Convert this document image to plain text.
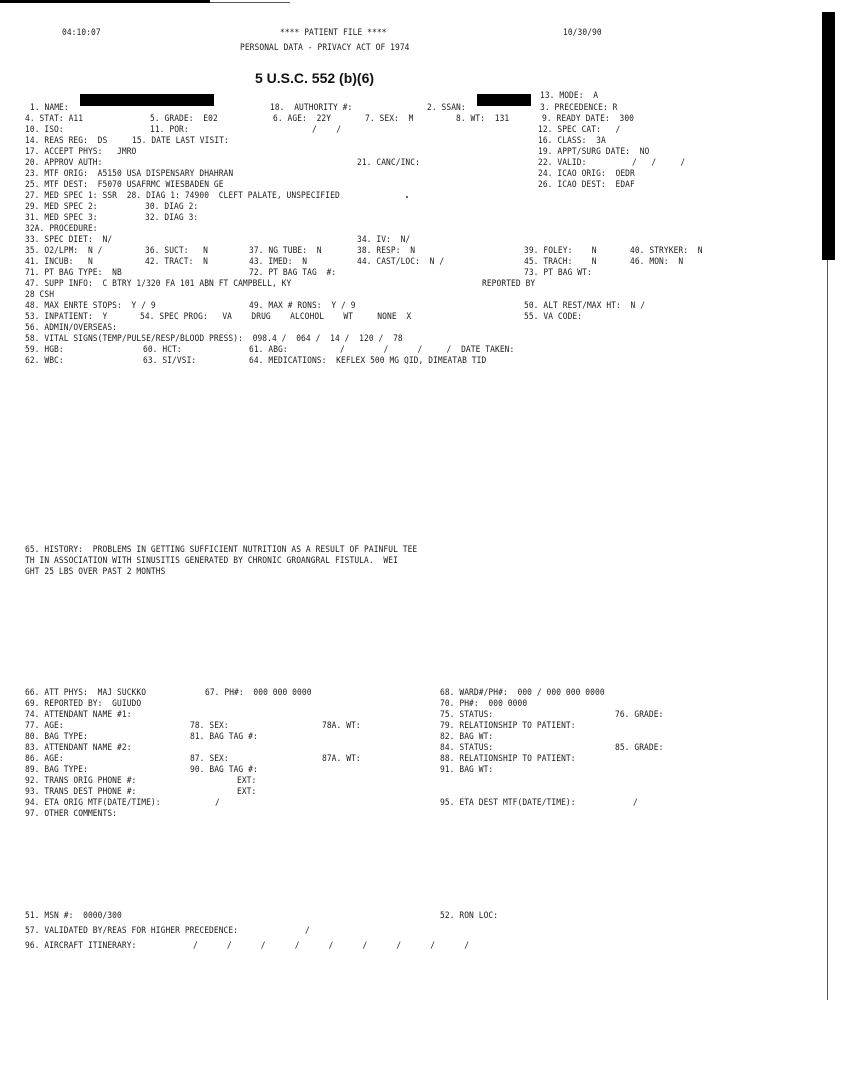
04:10:07	**** PATIENT FILE ****	10/30/90
PERSONAL DATA - PRIVACY ACT OF 1974
5 U.S.C. 552 (b)(6)
13. MODE:  A
1. NAME:	18.  AUTHORITY #:	2. SSAN:	3. PRECEDENCE: R
4. STAT: A11	5. GRADE:  E02	6. AGE:  22Y	7. SEX:  M	8. WT:  131	9. READY DATE:  300
10. ISO:	11. POR:	/    /	12. SPEC CAT:   /
14. REAS REG:  DS	15. DATE LAST VISIT:	16. CLASS:  3A
17. ACCEPT PHYS:   JMRO	19. APPT/SURG DATE:  NO
20. APPROV AUTH:	21. CANC/INC:	22. VALID:	/   /     /
23. MTF ORIG:  A5150 USA DISPENSARY DHAHRAN	24. ICAO ORIG:  OEDR
25. MTF DEST:  F5070 USAFRMC WIESBADEN GE	26. ICAO DEST:  EDAF
27. MED SPEC 1: SSR  28. DIAG 1: 74900  CLEFT PALATE, UNSPECIFIED
29. MED SPEC 2:	30. DIAG 2:
31. MED SPEC 3:	32. DIAG 3:
32A. PROCEDURE:
33. SPEC DIET:  N/	34. IV:  N/
35. O2/LPM:  N /	36. SUCT:   N	37. NG TUBE:  N	38. RESP:  N	39. FOLEY:    N	40. STRYKER:  N
41. INCUB:   N	42. TRACT:  N	43. IMED:  N	44. CAST/LOC:  N /	45. TRACH:    N	46. MON:  N
71. PT BAG TYPE:  NB	72. PT BAG TAG  #:	73. PT BAG WT:
47. SUPP INFO:  C BTRY 1/320 FA 101 ABN FT CAMPBELL, KY	REPORTED BY
28 CSH
48. MAX ENRTE STOPS:  Y / 9	49. MAX # RONS:  Y / 9	50. ALT REST/MAX HT:  N /
53. INPATIENT:  Y	54. SPEC PROG:   VA    DRUG    ALCOHOL    WT     NONE  X	55. VA CODE:
56. ADMIN/OVERSEAS:
58. VITAL SIGNS(TEMP/PULSE/RESP/BLOOD PRESS):  098.4 /  064 /  14 /  120 /  78
59. HGB:	60. HCT:	61. ABG:	/        /      /     /  DATE TAKEN:
62. WBC:	63. SI/VSI:	64. MEDICATIONS:  KEFLEX 500 MG QID, DIMEATAB TID
65. HISTORY:  PROBLEMS IN GETTING SUFFICIENT NUTRITION AS A RESULT OF PAINFUL TEE
TH IN ASSOCIATION WITH SINUSITIS GENERATED BY CHRONIC GROANGRAL FISTULA.  WEI
GHT 25 LBS OVER PAST 2 MONTHS
66. ATT PHYS:  MAJ SUCKKO	67. PH#:  000 000 0000	68. WARD#/PH#:  000 / 000 000 0000
69. REPORTED BY:  GUIUDO	70. PH#:  000 0000
74. ATTENDANT NAME #1:	75. STATUS:	76. GRADE:
77. AGE:	78. SEX:	78A. WT:	79. RELATIONSHIP TO PATIENT:
80. BAG TYPE:	81. BAG TAG #:	82. BAG WT:
83. ATTENDANT NAME #2:	84. STATUS:	85. GRADE:
86. AGE:	87. SEX:	87A. WT:	88. RELATIONSHIP TO PATIENT:
89. BAG TYPE:	90. BAG TAG #:	91. BAG WT:
92. TRANS ORIG PHONE #:	EXT:
93. TRANS DEST PHONE #:	EXT:
94. ETA ORIG MTF(DATE/TIME):	/	95. ETA DEST MTF(DATE/TIME):	/
97. OTHER COMMENTS:
51. MSN #:  0000/300	52. RON LOC:
57. VALIDATED BY/REAS FOR HIGHER PRECEDENCE:	/
96. AIRCRAFT ITINERARY:	/      /      /      /      /      /      /      /      /
